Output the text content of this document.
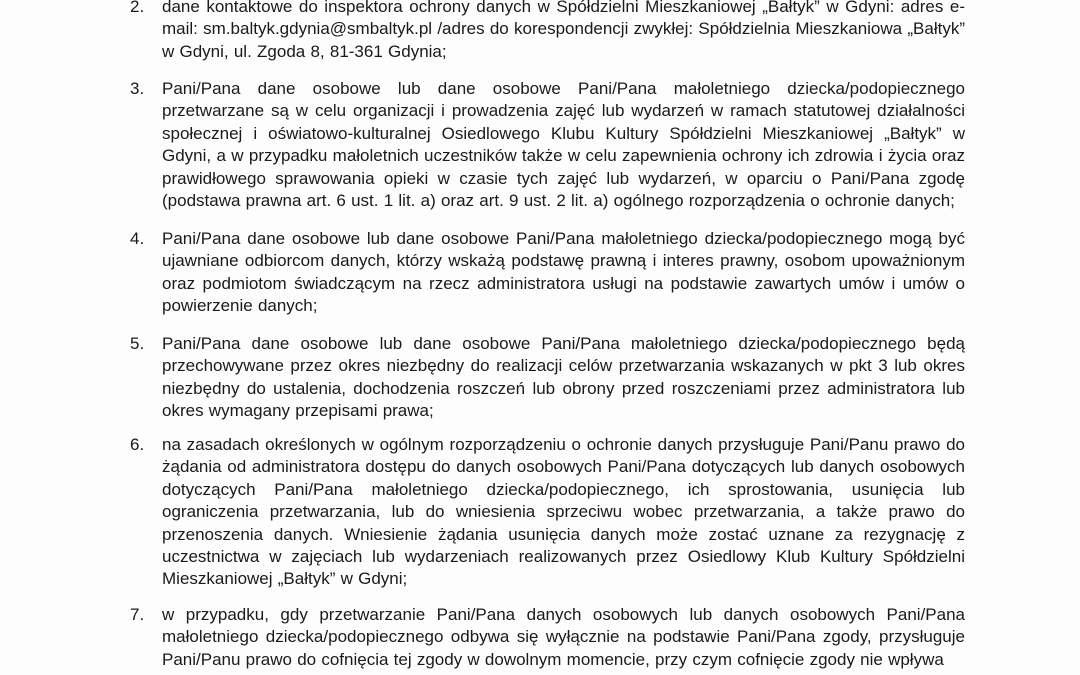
2.	dane kontaktowe do inspektora ochrony danych w Spółdzielni Mieszkaniowej „Bałtyk” w Gdyni: adres e-mail: sm.baltyk.gdynia@smbaltyk.pl /adres do korespondencji zwykłej: Spółdzielnia Mieszkaniowa „Bałtyk” w Gdyni, ul. Zgoda 8, 81-361 Gdynia;
3.	Pani/Pana dane osobowe lub dane osobowe Pani/Pana małoletniego dziecka/podopiecznego przetwarzane są w celu organizacji i prowadzenia zajęć lub wydarzeń w ramach statutowej działalności społecznej i oświatowo-kulturalnej Osiedlowego Klubu Kultury Spółdzielni Mieszkaniowej „Bałtyk” w Gdyni, a w przypadku małoletnich uczestników także w celu zapewnienia ochrony ich zdrowia i życia oraz prawidłowego sprawowania opieki w czasie tych zajęć lub wydarzeń, w oparciu o Pani/Pana zgodę (podstawa prawna art. 6 ust. 1 lit. a) oraz art. 9 ust. 2 lit. a) ogólnego rozporządzenia o ochronie danych;
4.	Pani/Pana dane osobowe lub dane osobowe Pani/Pana małoletniego dziecka/podopiecznego mogą być ujawniane odbiorcom danych, którzy wskażą podstawę prawną i interes prawny, osobom upoważnionym oraz podmiotom świadczącym na rzecz administratora usługi na podstawie zawartych umów i umów o powierzenie danych;
5.	Pani/Pana dane osobowe lub dane osobowe Pani/Pana małoletniego dziecka/podopiecznego będą przechowywane przez okres niezbędny do realizacji celów przetwarzania wskazanych w pkt 3 lub okres niezbędny do ustalenia, dochodzenia roszczeń lub obrony przed roszczeniami przez administratora lub okres wymagany przepisami prawa;
6.	na zasadach określonych w ogólnym rozporządzeniu o ochronie danych przysługuje Pani/Panu prawo do żądania od administratora dostępu do danych osobowych Pani/Pana dotyczących lub danych osobowych dotyczących Pani/Pana małoletniego dziecka/podopiecznego, ich sprostowania, usunięcia lub ograniczenia przetwarzania, lub do wniesienia sprzeciwu wobec przetwarzania, a także prawo do przenoszenia danych. Wniesienie żądania usunięcia danych może zostać uznane za rezygnację z uczestnictwa w zajęciach lub wydarzeniach realizowanych przez Osiedlowy Klub Kultury Spółdzielni Mieszkaniowej „Bałtyk” w Gdyni;
7.	w przypadku, gdy przetwarzanie Pani/Pana danych osobowych lub danych osobowych Pani/Pana małoletniego dziecka/podopiecznego odbywa się wyłącznie na podstawie Pani/Pana zgody, przysługuje Pani/Panu prawo do cofnięcia tej zgody w dowolnym momencie, przy czym cofnięcie zgody nie wpływa
